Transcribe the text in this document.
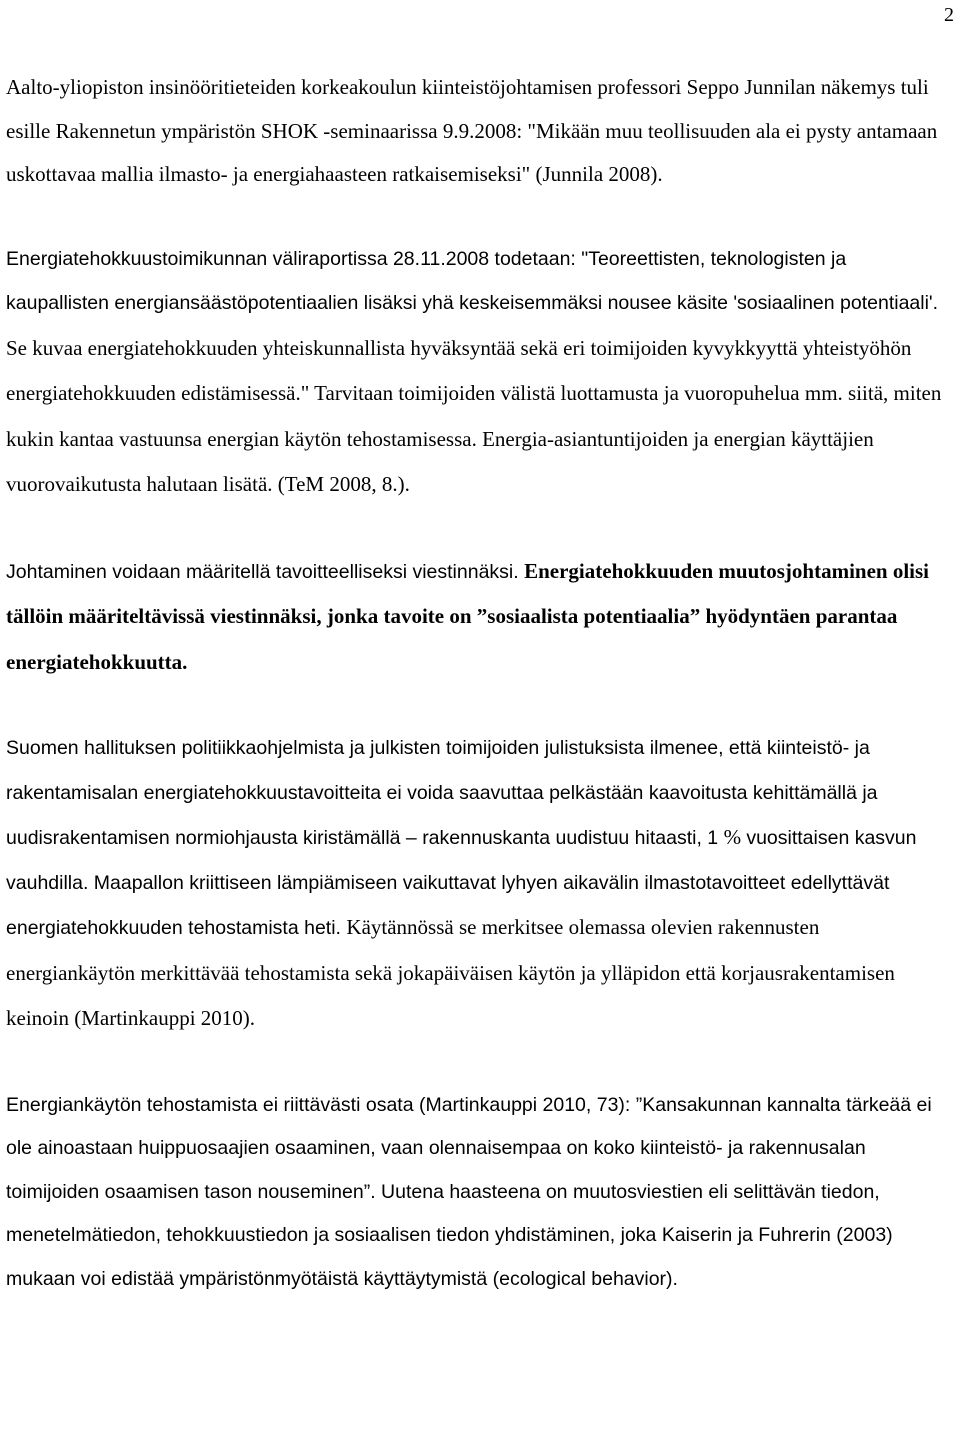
2

Aalto-yliopiston insinööritieteiden korkeakoulun kiinteistöjohtamisen professori Seppo Junnilan näkemys tuli esille Rakennetun ympäristön SHOK -seminaarissa 9.9.2008: "Mikään muu teollisuuden ala ei pysty antamaan uskottavaa mallia ilmasto- ja energiahaasteen ratkaisemiseksi" (Junnila 2008).

Energiatehokkuustoimikunnan väliraportissa 28.11.2008 todetaan: "Teoreettisten, teknologisten ja kaupallisten energiansäästöpotentiaalien lisäksi yhä keskeisemmäksi nousee käsite 'sosiaalinen potentiaali'. Se kuvaa energiatehokkuuden yhteiskunnallista hyväksyntää sekä eri toimijoiden kyvykkyyttä yhteistyöhön energiatehokkuuden edistämisessä." Tarvitaan toimijoiden välistä luottamusta ja vuoropuhelua mm. siitä, miten kukin kantaa vastuunsa energian käytön tehostamisessa. Energia-asiantuntijoiden ja energian käyttäjien vuorovaikutusta halutaan lisätä. (TeM 2008, 8.).

Johtaminen voidaan määritellä tavoitteelliseksi viestinnäksi. Energiatehokkuuden muutosjohtaminen olisi tällöin määriteltävissä viestinnäksi, jonka tavoite on ”sosiaalista potentiaalia” hyödyntäen parantaa energiatehokkuutta.

Suomen hallituksen politiikkaohjelmista ja julkisten toimijoiden julistuksista ilmenee, että kiinteistö- ja rakentamisalan energiatehokkuustavoitteita ei voida saavuttaa pelkästään kaavoitusta kehittämällä ja uudisrakentamisen normiohjausta kiristämällä – rakennuskanta uudistuu hitaasti, 1 % vuosittaisen kasvun vauhdilla. Maapallon kriittiseen lämpiämiseen vaikuttavat lyhyen aikavälin ilmastotavoitteet edellyttävät energiatehokkuuden tehostamista heti. Käytännössä se merkitsee olemassa olevien rakennusten energiankäytön merkittävää tehostamista sekä jokapäiväisen käytön ja ylläpidon että korjausrakentamisen keinoin (Martinkauppi 2010).

Energiankäytön tehostamista ei riittävästi osata (Martinkauppi 2010, 73): ”Kansakunnan kannalta tärkeää ei ole ainoastaan huippuosaajien osaaminen, vaan olennaisempaa on koko kiinteistö- ja rakennusalan toimijoiden osaamisen tason nouseminen”. Uutena haasteena on muutosviestien eli selittävän tiedon, menetelmätiedon, tehokkuustiedon ja sosiaalisen tiedon yhdistäminen, joka Kaiserin ja Fuhrerin (2003) mukaan voi edistää ympäristönmyötäistä käyttäytymistä (ecological behavior).
